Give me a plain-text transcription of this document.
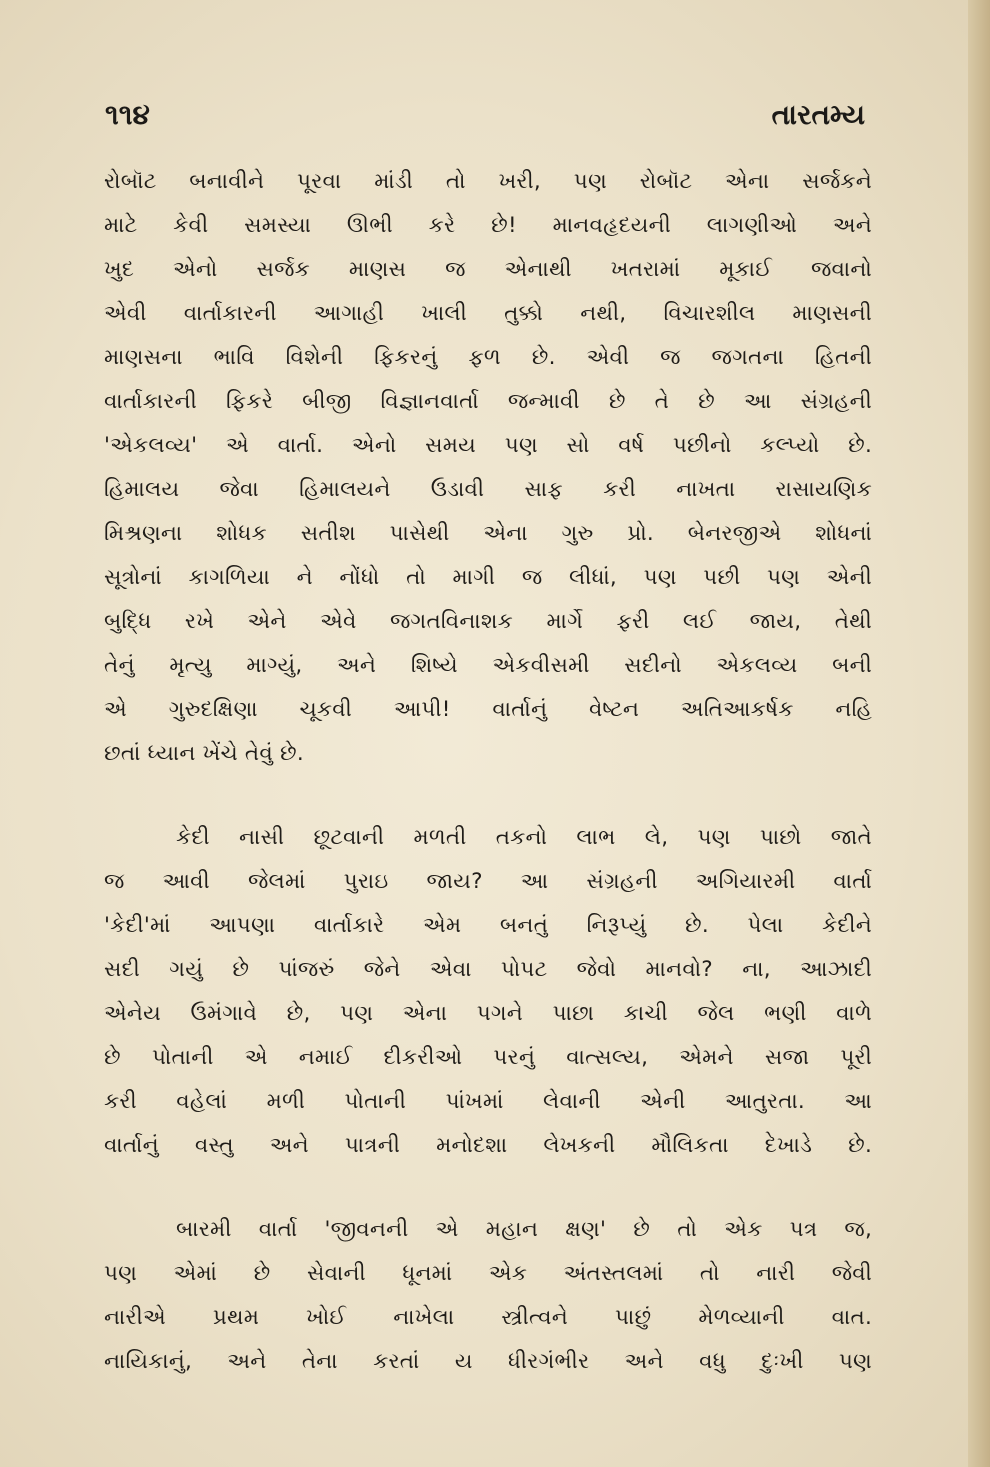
૧૧૪	તારતમ્ય
રોબૉટ બનાવીને પૂરવા માંડી તો ખરી, પણ રોબૉટ એના સર્જકને
માટે કેવી સમસ્યા ઊભી કરે છે! માનવહૃદયની લાગણીઓ અને
ખુદ એનો સર્જક માણસ જ એનાથી ખતરામાં મૂકાઈ જવાનો
એવી વાર્તાકારની આગાહી ખાલી તુક્કો નથી, વિચારશીલ માણસની
માણસના ભાવિ વિશેની ફિકરનું ફળ છે. એવી જ જગતના હિતની
વાર્તાકારની ફિકરે બીજી વિજ્ઞાનવાર્તા જન્માવી છે તે છે આ સંગ્રહની
'એકલવ્ય' એ વાર્તા. એનો સમય પણ સો વર્ષ પછીનો કલ્પ્યો છે.
હિમાલય જેવા હિમાલયને ઉડાવી સાફ કરી નાખતા રાસાયણિક
મિશ્રણના શોધક સતીશ પાસેથી એના ગુરુ પ્રો. બેનરજીએ શોધનાં
સૂત્રોનાં કાગળિયા ને નોંધો તો માગી જ લીધાં, પણ પછી પણ એની
બુદ્ધિ રખે એને એવે જગતવિનાશક માર્ગે ફરી લઈ જાય, તેથી
તેનું મૃત્યુ માગ્યું, અને શિષ્યે એકવીસમી સદીનો એકલવ્ય બની
એ ગુરુદક્ષિણા ચૂકવી આપી! વાર્તાનું વેષ્ટન અતિઆકર્ષક નહિ
છતાં ધ્યાન ખેંચે તેવું છે.
કેદી નાસી છૂટવાની મળતી તકનો લાભ લે, પણ પાછો જાતે
જ આવી જેલમાં પુરાઇ જાય? આ સંગ્રહની અગિયારમી વાર્તા
'કેદી'માં આપણા વાર્તાકારે એમ બનતું નિરૂપ્યું છે. પેલા કેદીને
સદી ગયું છે પાંજરું જેને એવા પોપટ જેવો માનવો? ના, આઝાદી
એનેય ઉમંગાવે છે, પણ એના પગને પાછા કાચી જેલ ભણી વાળે
છે પોતાની એ નમાઈ દીકરીઓ પરનું વાત્સલ્ય, એમને સજા પૂરી
કરી વહેલાં મળી પોતાની પાંખમાં લેવાની એની આતુરતા. આ
વાર્તાનું વસ્તુ અને પાત્રની મનોદશા લેખકની મૌલિકતા દેખાડે છે.
બારમી વાર્તા 'જીવનની એ મહાન ક્ષણ' છે તો એક પત્ર જ,
પણ એમાં છે સેવાની ધૂનમાં એક અંતસ્તલમાં તો નારી જેવી
નારીએ પ્રથમ ખોઈ નાખેલા સ્ત્રીત્વને પાછું મેળવ્યાની વાત.
નાયિકાનું, અને તેના કરતાં ય ધીરગંભીર અને વધુ દુઃખી પણ
